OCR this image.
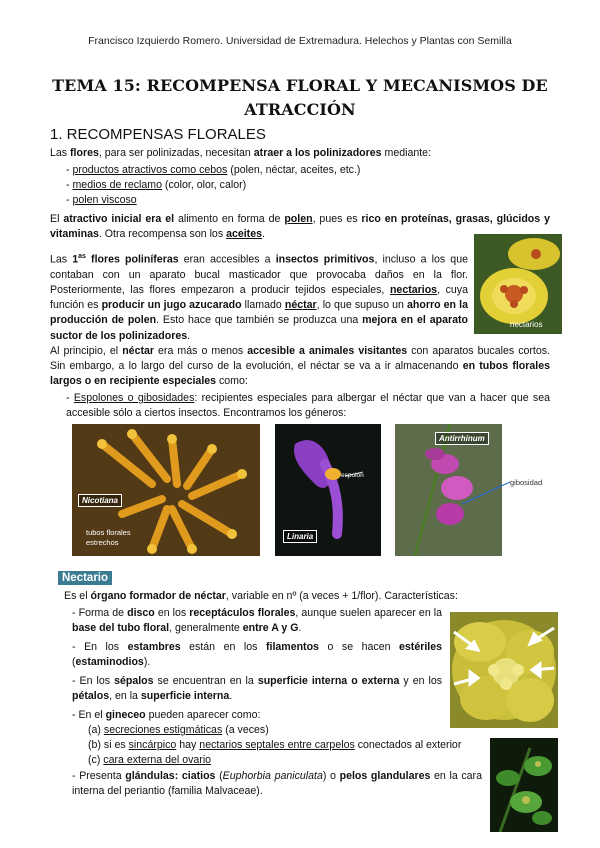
Francisco Izquierdo Romero. Universidad de Extremadura. Helechos y Plantas con Semilla
TEMA 15: RECOMPENSA FLORAL Y MECANISMOS DE
ATRACCIÓN
1. RECOMPENSAS FLORALES
Las flores, para ser polinizadas, necesitan atraer a los polinizadores mediante:
- productos atractivos como cebos (polen, néctar, aceites, etc.)
- medios de reclamo (color, olor, calor)
- polen viscoso
El atractivo inicial era el alimento en forma de polen, pues es rico en proteínas, grasas, glúcidos y vitaminas. Otra recompensa son los aceites.
Las $1^{as}$ flores poliníferas eran accesibles a insectos primitivos, incluso a los que contaban con un aparato bucal masticador que provocaba daños en la flor. Posteriormente, las flores empezaron a producir tejidos especiales, nectarios, cuya función es producir un jugo azucarado llamado néctar, lo que supuso un ahorro en la producción de polen. Esto hace que también se produzca una mejora en el aparato suctor de los polinizadores.
nectarios
Al principio, el néctar era más o menos accesible a animales visitantes con aparatos bucales cortos. Sin embargo, a lo largo del curso de la evolución, el néctar se va a ir almacenando en tubos florales largos o en recipiente especiales como:
- Espolones o gibosidades: recipientes especiales para albergar el néctar que van a hacer que sea accesible sólo a ciertos insectos. Encontramos los géneros:
Nicotiana
tubos florales estrechos
espolón
Linaria
Antirrhinum
gibosidad
Nectario
Es el órgano formador de néctar, variable en nº (a veces + 1/flor). Características:
- Forma de disco en los receptáculos florales, aunque suelen aparecer en la base del tubo floral, generalmente entre A y G.
- En los estambres están en los filamentos o se hacen estériles (estaminodios).
- En los sépalos se encuentran en la superficie interna o externa y en los pétalos, en la superficie interna.
- En el gineceo pueden aparecer como:
(a) secreciones estigmáticas (a veces)
(b) si es sincárpico hay nectarios septales entre carpelos conectados al exterior
(c) cara externa del ovario
- Presenta glándulas: ciatios (Euphorbia paniculata) o pelos glandulares en la cara interna del periantio (familia Malvaceae).
